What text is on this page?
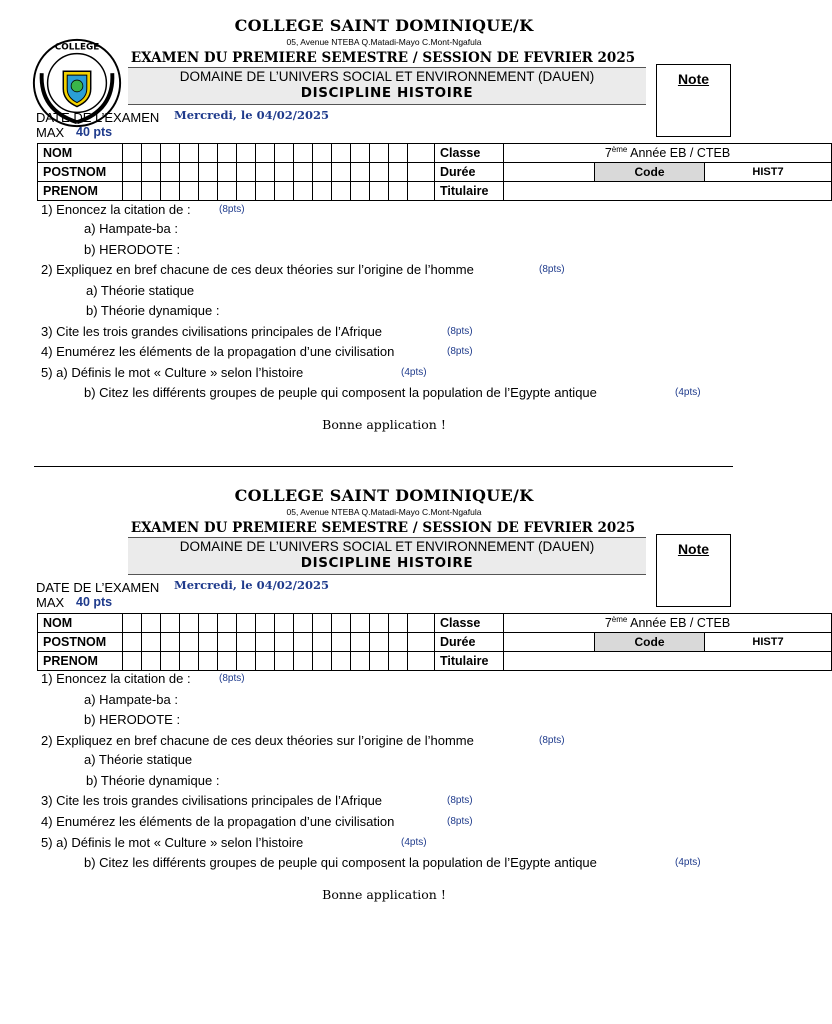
COLLEGE SAINT DOMINIQUE/K
05, Avenue NTEBA Q.Matadi-Mayo C.Mont-Ngafula
COLLEGE
EXAMEN DU PREMIERE SEMESTRE / SESSION DE FEVRIER 2025
DOMAINE DE L’UNIVERS SOCIAL ET ENVIRONNEMENT (DAUEN)
DISCIPLINE HISTOIRE
Note
DATE DE L’EXAMEN Mercredi, le 04/02/2025
MAX 40 pts
NOM																	Classe	7ème Année EB / CTEB		
POSTNOM																	Durée		Code	HIST7
PRENOM																	Titulaire			
1) Enoncez la citation de :	(8pts)
a) Hampate-ba :
b) HERODOTE :
2) Expliquez en bref chacune de ces deux théories sur l’origine de l’homme	(8pts)
a) Théorie statique
b) Théorie dynamique :
3) Cite les trois grandes civilisations principales de l’Afrique	(8pts)
4) Enumérez les éléments de la propagation d’une civilisation	(8pts)
5) a) Définis le mot « Culture » selon l’histoire	(4pts)
b) Citez les différents groupes de peuple qui composent la population de l’Egypte antique	(4pts)
Bonne application !
COLLEGE SAINT DOMINIQUE/K
05, Avenue NTEBA Q.Matadi-Mayo C.Mont-Ngafula
EXAMEN DU PREMIERE SEMESTRE / SESSION DE FEVRIER 2025
DOMAINE DE L’UNIVERS SOCIAL ET ENVIRONNEMENT (DAUEN)
DISCIPLINE HISTOIRE
Note
DATE DE L’EXAMEN Mercredi, le 04/02/2025
MAX 40 pts
NOM																	Classe	7ème Année EB / CTEB		
POSTNOM																	Durée		Code	HIST7
PRENOM																	Titulaire			
1) Enoncez la citation de :	(8pts)
a) Hampate-ba :
b) HERODOTE :
2) Expliquez en bref chacune de ces deux théories sur l’origine de l’homme	(8pts)
a) Théorie statique
b) Théorie dynamique :
3) Cite les trois grandes civilisations principales de l’Afrique	(8pts)
4) Enumérez les éléments de la propagation d’une civilisation	(8pts)
5) a) Définis le mot « Culture » selon l’histoire	(4pts)
b) Citez les différents groupes de peuple qui composent la population de l’Egypte antique	(4pts)
Bonne application !
